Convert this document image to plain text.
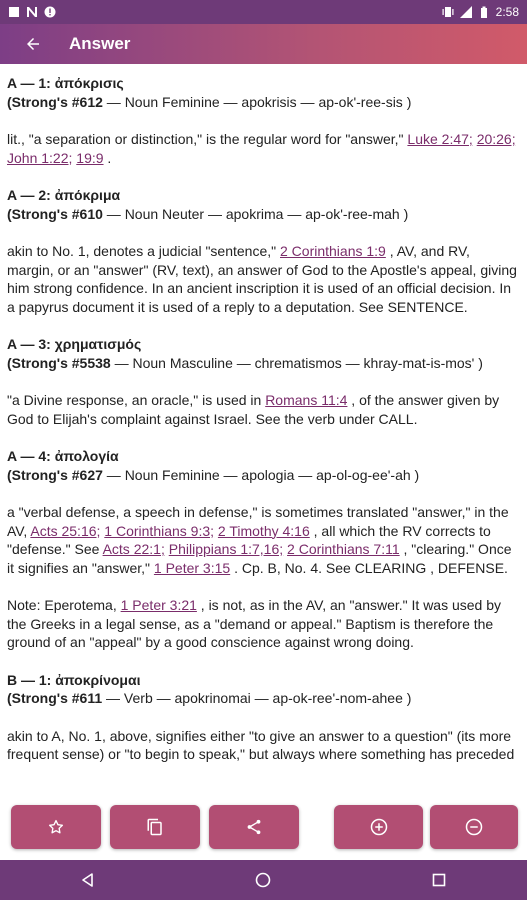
2:58
Answer
A — 1: ἀπόκρισις
(Strong's #612 — Noun Feminine — apokrisis — ap-ok'-ree-sis )
lit., "a separation or distinction," is the regular word for "answer," Luke 2:47; 20:26; John 1:22; 19:9 .
A — 2: ἀπόκριμα
(Strong's #610 — Noun Neuter — apokrima — ap-ok'-ree-mah )
akin to No. 1, denotes a judicial "sentence," 2 Corinthians 1:9 , AV, and RV, margin, or an "answer" (RV, text), an answer of God to the Apostle's appeal, giving him strong confidence. In an ancient inscription it is used of an official decision. In a papyrus document it is used of a reply to a deputation. See SENTENCE.
A — 3: χρηματισμός
(Strong's #5538 — Noun Masculine — chrematismos — khray-mat-is-mos' )
"a Divine response, an oracle," is used in Romans 11:4 , of the answer given by God to Elijah's complaint against Israel. See the verb under CALL.
A — 4: ἀπολογία
(Strong's #627 — Noun Feminine — apologia — ap-ol-og-ee'-ah )
a "verbal defense, a speech in defense," is sometimes translated "answer," in the AV, Acts 25:16; 1 Corinthians 9:3; 2 Timothy 4:16 , all which the RV corrects to "defense." See Acts 22:1; Philippians 1:7,16; 2 Corinthians 7:11 , "clearing." Once it signifies an "answer," 1 Peter 3:15 . Cp. B, No. 4. See CLEARING , DEFENSE.
Note: Eperotema, 1 Peter 3:21 , is not, as in the AV, an "answer." It was used by the Greeks in a legal sense, as a "demand or appeal." Baptism is therefore the ground of an "appeal" by a good conscience against wrong doing.
B — 1: ἀποκρίνομαι
(Strong's #611 — Verb — apokrinomai — ap-ok-ree'-nom-ahee )
akin to A, No. 1, above, signifies either "to give an answer to a question" (its more frequent sense) or "to begin to speak," but always where something has preceded
